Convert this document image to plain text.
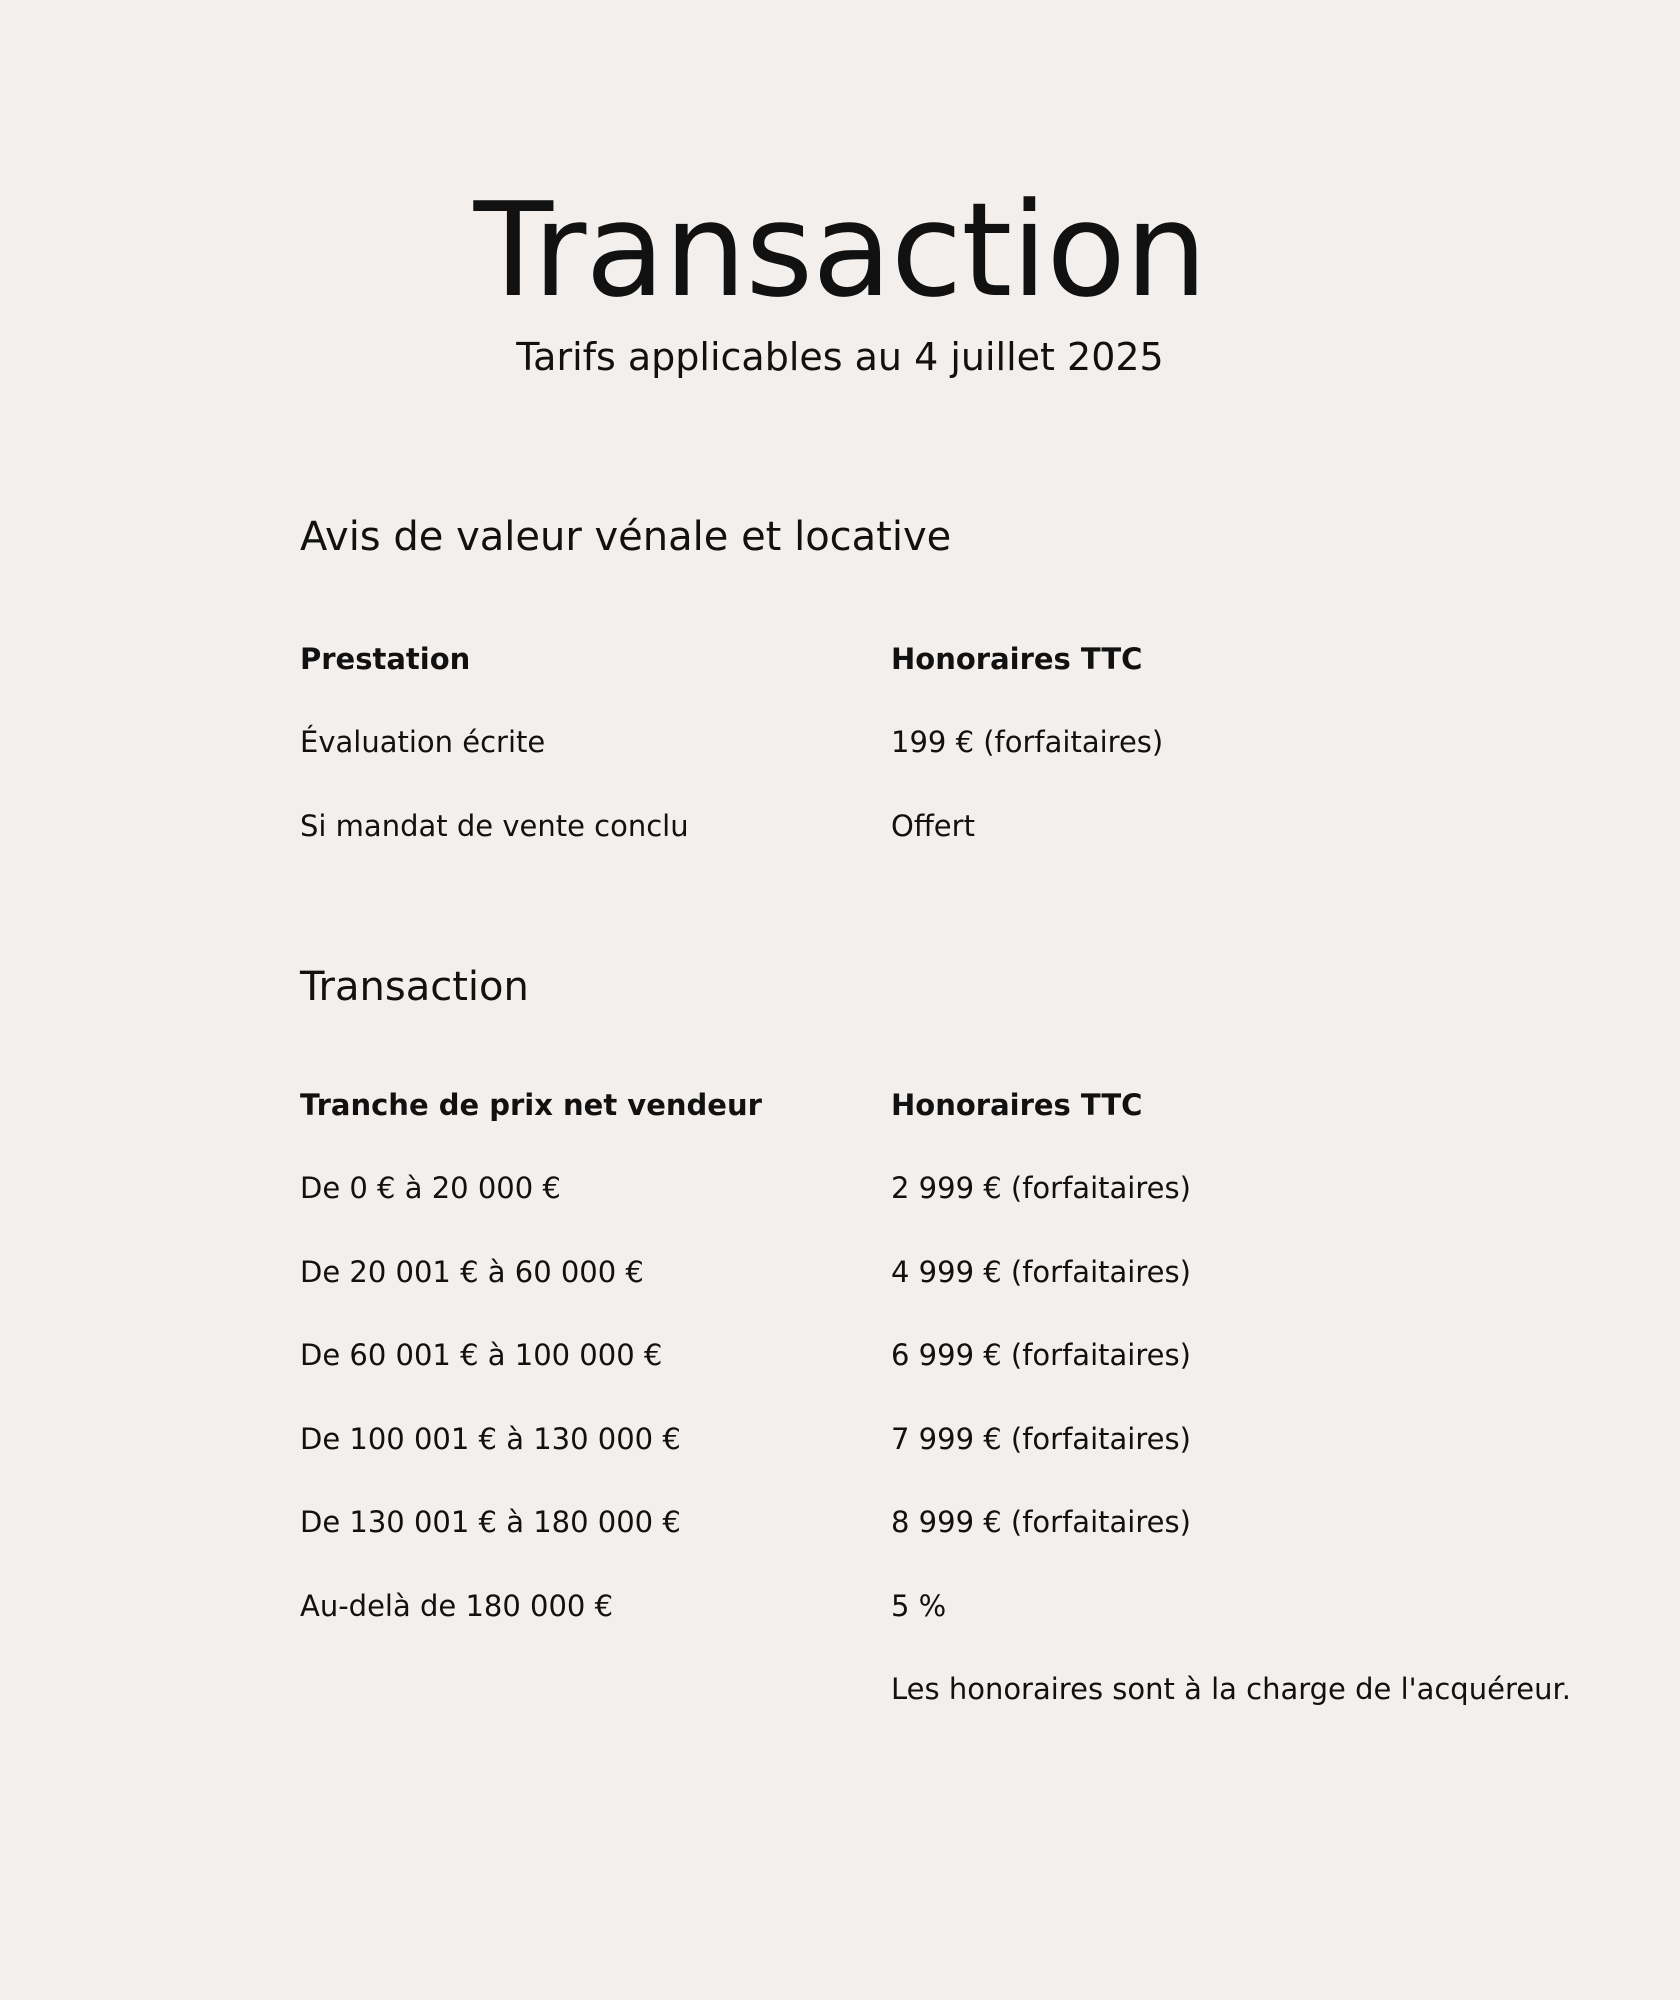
Transaction

Tarifs applicables au 4 juillet 2025

Avis de valeur vénale et locative
Prestation	Honoraires TTC
Évaluation écrite	199 € (forfaitaires)
Si mandat de vente conclu	Offert
Transaction
Tranche de prix net vendeur	Honoraires TTC
De 0 € à 20 000 €	2 999 € (forfaitaires)
De 20 001 € à 60 000 €	4 999 € (forfaitaires)
De 60 001 € à 100 000 €	6 999 € (forfaitaires)
De 100 001 € à 130 000 €	7 999 € (forfaitaires)
De 130 001 € à 180 000 €	8 999 € (forfaitaires)
Au-delà de 180 000 €	5 %
Les honoraires sont à la charge de l'acquéreur.
